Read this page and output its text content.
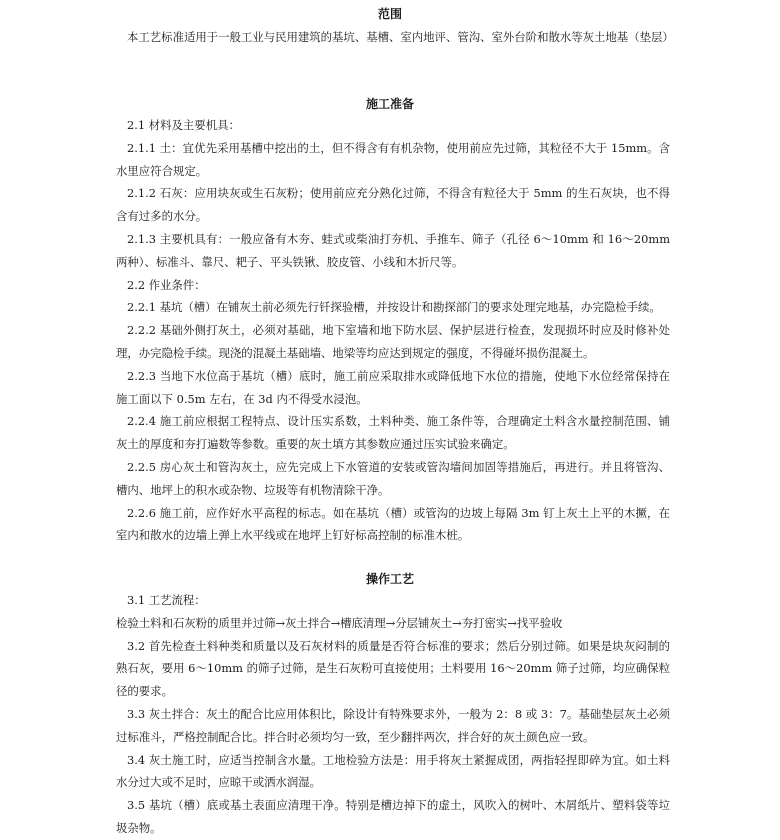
范围

本工艺标准适用于一般工业与民用建筑的基坑、基槽、室内地评、管沟、室外台阶和散水等灰土地基（垫层）

施工准备

2.1 材料及主要机具：

2.1.1 土：宜优先采用基槽中挖出的土，但不得含有有机杂物，使用前应先过筛，其粒径不大于 15mm。含水里应符合规定。

2.1.2 石灰：应用块灰或生石灰粉；使用前应充分熟化过筛，不得含有粒径大于 5mm 的生石灰块，也不得含有过多的水分。

2.1.3 主要机具有：一般应备有木夯、蛙式或柴油打夯机、手推车、筛子（孔径 6～10mm 和 16～20mm 两种）、标准斗、靠尺、耙子、平头铁锹、胶皮管、小线和木折尺等。

2.2 作业条件：

2.2.1 基坑（槽）在铺灰土前必须先行钎探验槽，并按设计和勘探部门的要求处理完地基，办完隐检手续。

2.2.2 基础外侧打灰土，必须对基础，地下室墙和地下防水层、保护层进行检查，发现损坏时应及时修补处理，办完隐检手续。现浇的混凝土基础墙、地梁等均应达到规定的强度，不得碰坏损伤混凝土。

2.2.3 当地下水位高于基坑（槽）底时，施工前应采取排水或降低地下水位的措施，使地下水位经常保持在施工面以下 0.5m 左右，在 3d 内不得受水浸泡。

2.2.4 施工前应根据工程特点、设计压实系数，土料种类、施工条件等，合理确定土料含水量控制范围、铺灰土的厚度和夯打遍数等参数。重要的灰土填方其参数应通过压实试验来确定。

2.2.5 房心灰土和管沟灰土，应先完成上下水管道的安装或管沟墙间加固等措施后，再进行。并且将管沟、槽内、地坪上的积水或杂物、垃圾等有机物清除干净。

2.2.6 施工前，应作好水平高程的标志。如在基坑（槽）或管沟的边坡上每隔 3m 钉上灰土上平的木撅，在室内和散水的边墙上弹上水平线或在地坪上钉好标高控制的标准木桩。

操作工艺

3.1 工艺流程：

检验土料和石灰粉的质里并过筛→灰土拌合→槽底清理→分层铺灰土→夯打密实→找平验收

3.2 首先检查土料种类和质量以及石灰材料的质量是否符合标准的要求；然后分别过筛。如果是块灰闷制的熟石灰，要用 6～10mm 的筛子过筛，是生石灰粉可直接使用；土料要用 16～20mm 筛子过筛，均应确保粒径的要求。

3.3 灰土拌合：灰土的配合比应用体积比，除设计有特殊要求外，一般为 2：8 或 3：7。基础垫层灰土必须过标准斗，严格控制配合比。拌合时必须均匀一致，至少翻拌两次，拌合好的灰土颜色应一致。

3.4 灰土施工时，应适当控制含水量。工地检验方法是：用手将灰土紧握成团，两指轻捏即碎为宜。如土料水分过大或不足时，应晾干或洒水润湿。

3.5 基坑（槽）底或基土表面应清理干净。特别是槽边掉下的虚土，风吹入的树叶、木屑纸片、塑料袋等垃圾杂物。
